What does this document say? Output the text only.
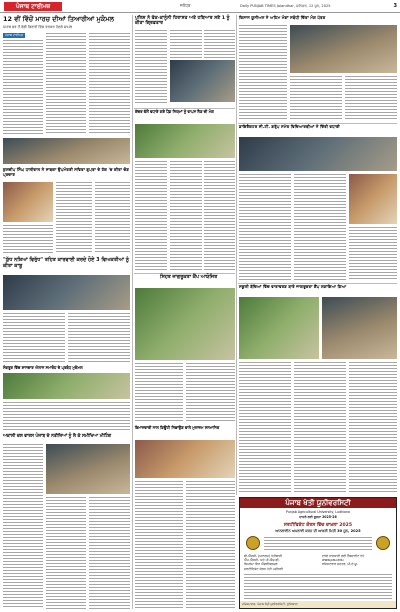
ਪੰਜਾਬ ਟਾਈਮਜ਼	ਜਲੰਧਰ	Daily PUNJAB TIMES Jalandhar, ਸ਼ਨਿਚਰ, 12 ਜੂਨ, 2025	3
12 ਵੀਂ ਵਿੱਚੋਂ ਮਾਰਚ ਦੀਆਂ ਤਿਆਰੀਆਂ ਮੁਕੰਮਲ
ਪੰਜਾਬ ਭਰ ਤੋਂ ਵੱਡੀ ਗਿਣਤੀ ਵਿੱਚ ਵਰਕਰ ਹੋਣਗੇ ਸ਼ਾਮਲ
ਪੰਜਾਬ ਟਾਈਮਜ਼
ਕੁਲਦੀਪ ਸਿੰਘ ਧਾਲੀਵਾਲ ਨੇ ਸਾਬਕਾ ਉਪਮੰਤਰੀ ਸਵਿਤਾ ਗੁਪਤਾ ਦੇ ਹੱਕ 'ਚ ਕੀਤਾ ਚੋਣ ਪ੍ਰਚਾਰ
"ਯੁੱਧ ਨਸ਼ਿਆਂ ਵਿਰੁੱਧ" ਤਹਿਤ ਕਾਰਵਾਈ ਕਰਦੇ ਹੋਏ 3 ਵਿਅਕਤੀਆਂ ਨੂੰ ਕੀਤਾ ਕਾਬੂ
ਸੰਗਰੂਰ ਵਿੱਚ ਸ਼ਾਨਦਾਰ ਐਲਾਨ ਸਮਾਰੋਹ ਦੇ ਪ੍ਰਬੰਧ ਮੁਕੰਮਲ
ਅਕਾਲੀ ਦਲ ਵਾਰਸ ਪੰਜਾਬ ਦੇ ਨਤੀਜਿਆਂ ਨੂੰ ਲੈ ਕੇ ਸਮੀਖਿਆ ਮੀਟਿੰਗ
ਪੁਲਿਸ ਨੇ ਫੇਕ-ਕਾਨੂੰਨੀ ਹਿਰਾਸਤ ਅਤੇ ਹਥਿਆਰ ਸਣੇ 1 ਨੂੰ ਕੀਤਾ ਗ੍ਰਿਫ਼ਤਾਰ
ਕੇਂਦਰ ਵੱਲੋਂ ਵਧਾਏ ਗਏ ਪੈਂਡ ਨਿਯਮਾਂ ਨੂੰ ਵਾਪਸ ਲੈਣ ਦੀ ਮੰਗ
ਸਿਹਤ ਜਾਗਰੂਕਤਾ ਕੈਂਪ ਆਯੋਜਿਤ
ਇਮਾਨਦਾਰੀ ਨਾਲ ਡਿਊਟੀ ਨਿਭਾਉਣ ਵਾਲੇ ਮੁਲਾਜ਼ਮ ਸਨਮਾਨਿਤ
ਕਿਸਾਨ ਯੂਨੀਅਨ ਨੇ ਅਹਿਮ ਮੰਗਾਂ ਸਬੰਧੀ ਦਿੱਤਾ ਮੰਗ ਪੱਤਰ
ਡਾਇਰੈਕਟਰ ਸੀ.ਟੀ. ਗਰੁੱਪ ਸਮੇਤ ਵਿਦਿਆਰਥੀਆਂ ਨੇ ਦਿੱਤੀ ਵਧਾਈ
ਸਕੂਲੀ ਬੱਚਿਆਂ ਵਿੱਚ ਵਾਤਾਵਰਣ ਬਾਰੇ ਜਾਗਰੂਕਤਾ ਕੈਂਪ ਲਗਾਇਆ ਗਿਆ
ਪੰਜਾਬ ਖੇਤੀ ਯੂਨੀਵਰਸਿਟੀ
Punjab Agricultural University, Ludhiana
ਦਾਖ਼ਲੇ ਲਈ ਸੂਚਨਾ 2025-26
ਸਰਟੀਫਿਕੇਟ ਕੋਰਸ ਵਿੱਚ ਦਾਖ਼ਲਾ 2025
ਆਨਲਾਈਨ ਅਪਲਾਈ ਕਰਨ ਦੀ ਆਖ਼ਰੀ ਮਿਤੀ 30 ਜੂਨ, 2025
ਬੀ.ਐੱਸਸੀ. (ਆਨਰਜ਼) ਖੇਤੀਬਾੜੀ
ਐੱਮ.ਐੱਸਸੀ. ਅਤੇ ਪੀ.ਐੱਚ.ਡੀ.
ਡਿਪਲੋਮਾ ਇਨ ਐਗਰੀਕਲਚਰ
ਸਰਟੀਫਿਕੇਟ ਕੋਰਸ ਖੇਤੀ ਮਸ਼ੀਨਰੀ
ਵਧੇਰੇ ਜਾਣਕਾਰੀ ਲਈ ਵੈੱਬਸਾਈਟ ਵੇਖੋ
www.pau.edu
ਰਜਿਸਟਰਾਰ ਦਫ਼ਤਰ, ਪੀ.ਏ.ਯੂ.
ਰਜਿਸਟਰਾਰ, ਪੰਜਾਬ ਖੇਤੀ ਯੂਨੀਵਰਸਿਟੀ, ਲੁਧਿਆਣਾ
